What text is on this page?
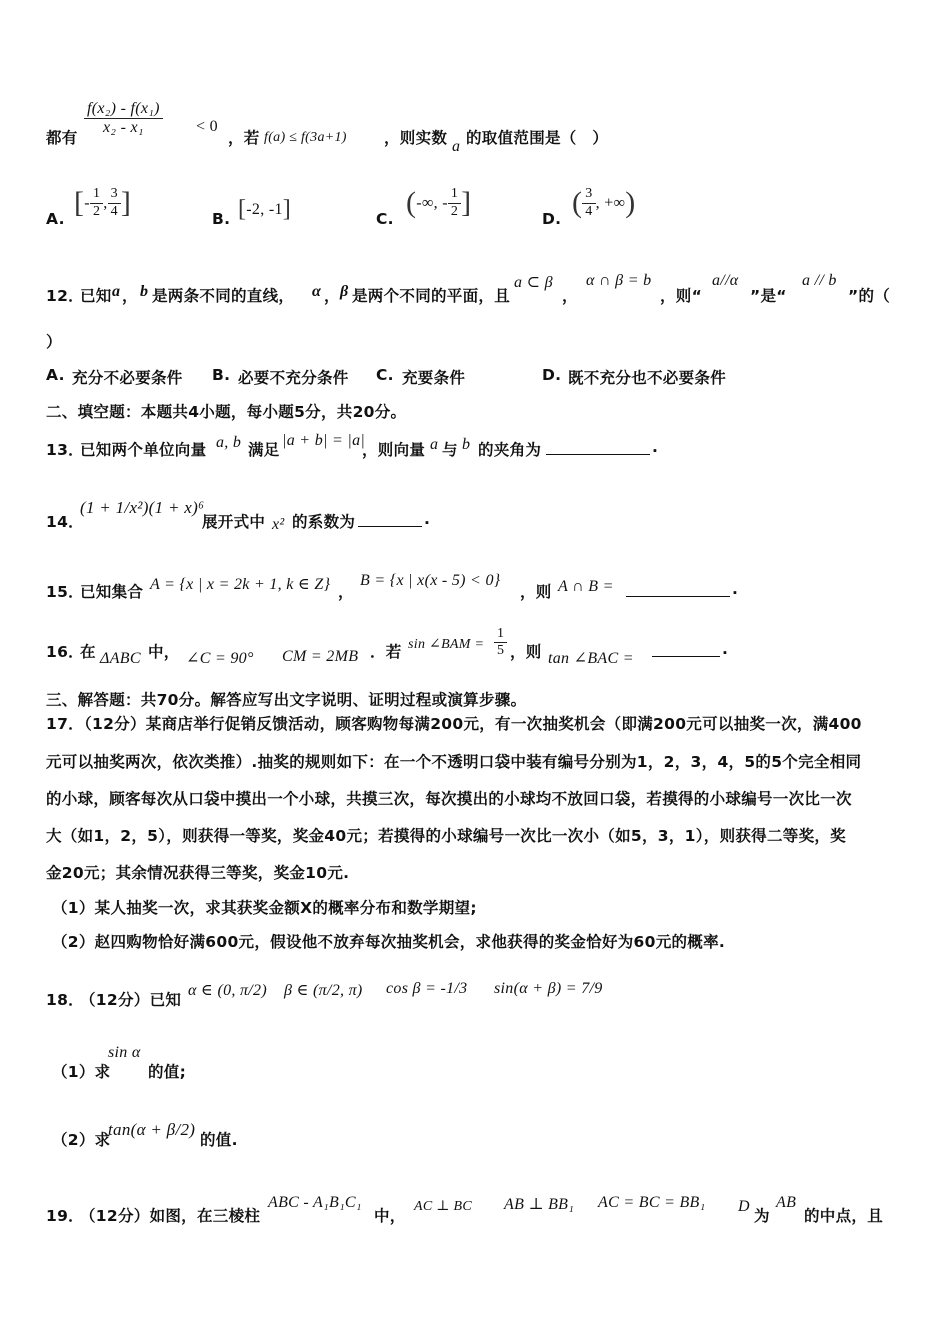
都有
$\frac{\text{f(x₂) - f(x₁)}}{\text{x₂ - x₁}} < 0$
，若 f(a) ≤ f(3a+1) ，则实数 a 的取值范围是（　）
A. [- $\frac{1}{2}$ , $\frac{3}{4}$ ]	B. [-2, -1]	C. (-∞, - $\frac{1}{2}$ ]	D. ( $\frac{3}{4}$ , +∞)
12．
已知 a ， b 是两条不同的直线， α ， β 是两个不同的平面，且
a ⊂ β
，
α ∩ β = b
，则“
a//α
”是“
a // b
”的（
）
A. 充分不必要条件 B. 必要不充分条件 C. 充要条件	D. 既不充分也不必要条件
二、填空题：本题共4小题，每小题5分，共20分。
13．
已知两个单位向量 a, b 满足
|a + b| = |a|
，则向量 a 与 b 的夹角为	.
14．
(1 + 1/x²)(1 + x)⁶
展开式中 x² 的系数为	.
15．
已知集合 A = {x | x = 2k + 1, k ∈ Z} ，
B = {x | x(x - 5) < 0}
，则 A ∩ B =	.
16．
在 ΔABC 中， ∠C = 90° CM = 2MB ．若 sin ∠BAM = $\frac{1}{5}$ ，则 tan ∠BAC =
.
三、解答题：共70分。解答应写出文字说明、证明过程或演算步骤。
17．（12分）某商店举行促销反馈活动，顾客购物每满200元，有一次抽奖机会（即满200元可以抽奖一次，满400
元可以抽奖两次，依次类推）.抽奖的规则如下：在一个不透明口袋中装有编号分别为1，2，3，4，5的5个完全相同
的小球，顾客每次从口袋中摸出一个小球，共摸三次，每次摸出的小球均不放回口袋，若摸得的小球编号一次比一次
大（如1，2，5），则获得一等奖，奖金40元；若摸得的小球编号一次比一次小（如5，3，1），则获得二等奖，奖
金20元；其余情况获得三等奖，奖金10元.
（1）某人抽奖一次，求其获奖金额X的概率分布和数学期望;
（2）赵四购物恰好满600元，假设他不放弃每次抽奖机会，求他获得的奖金恰好为60元的概率.
18．
（12分）已知
α ∈ (0, π/2) β ∈ (π/2, π) cos β = -1/3 sin(α + β) = 7/9
（1）求
sin α
的值;
（2）求
tan(α + β/2)
的值.
19．
（12分）如图，在三棱柱
ABC - A₁B₁C₁
中，
AC ⊥ BC AB ⊥ BB₁ AC = BC = BB₁ D
为
AB
的中点，且
